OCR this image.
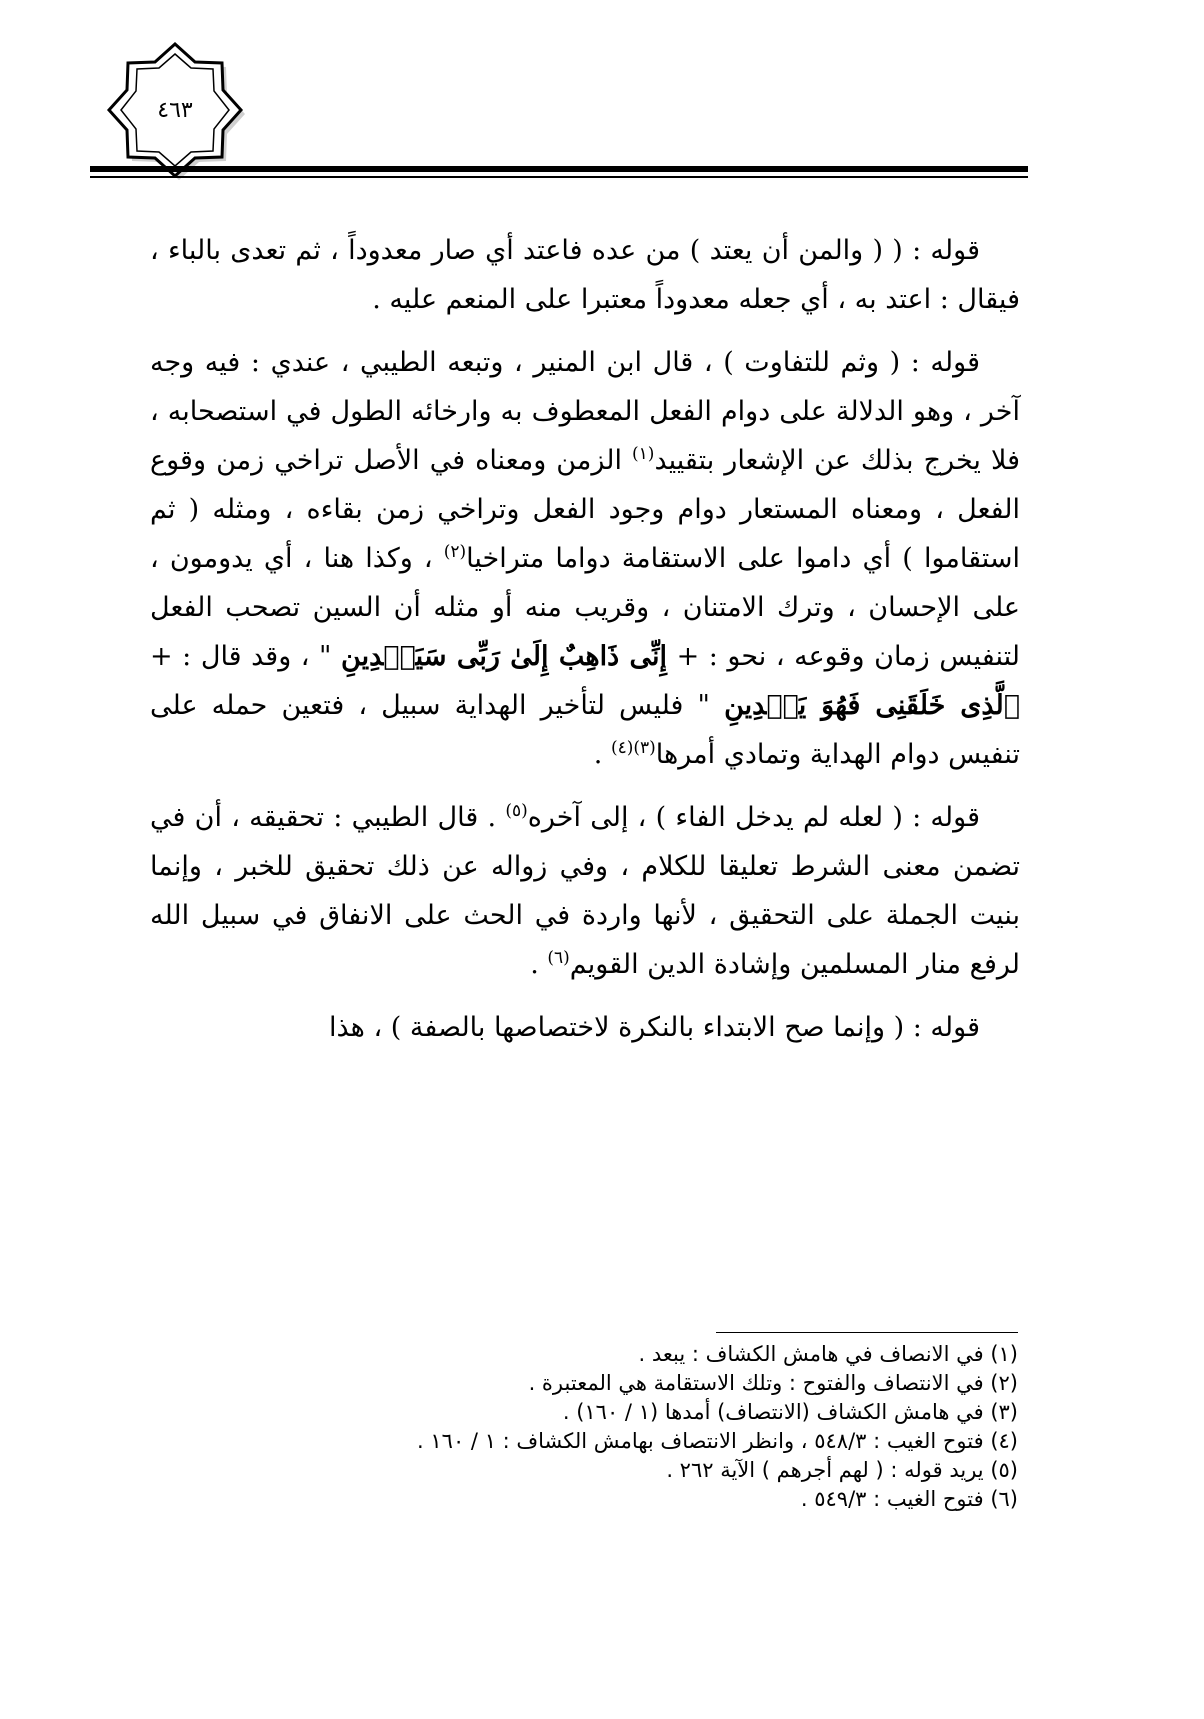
٤٦٣

قوله : ( ( والمن أن يعتد ) من عده فاعتد أي صار معدوداً ، ثم تعدى بالباء ، فيقال : اعتد به ، أي جعله معدوداً معتبرا على المنعم عليه .

قوله : ( وثم للتفاوت ) ، قال ابن المنير ، وتبعه الطيبي ، عندي : فيه وجه آخر ، وهو الدلالة على دوام الفعل المعطوف به وارخائه الطول في استصحابه ، فلا يخرج بذلك عن الإشعار بتقييد$^{(١)}$ الزمن ومعناه في الأصل تراخي زمن وقوع الفعل ، ومعناه المستعار دوام وجود الفعل وتراخي زمن بقاءه ، ومثله ( ثم استقاموا ) أي داموا على الاستقامة دواما متراخيا$^{(٢)}$ ، وكذا هنا ، أي يدومون ، على الإحسان ، وترك الامتنان ، وقريب منه أو مثله أن السين تصحب الفعل لتنفيس زمان وقوعه ، نحو : + إِنِّى ذَاهِبٌ إِلَىٰ رَبِّى سَيَهۡدِينِ " ، وقد قال : + ٱلَّذِى خَلَقَنِى فَهُوَ يَهۡدِينِ " فليس لتأخير الهداية سبيل ، فتعين حمله على تنفيس دوام الهداية وتمادي أمرها$^{(٣)(٤)}$ .

قوله : ( لعله لم يدخل الفاء ) ، إلى آخره$^{(٥)}$ . قال الطيبي : تحقيقه ، أن في تضمن معنى الشرط تعليقا للكلام ، وفي زواله عن ذلك تحقيق للخبر ، وإنما بنيت الجملة على التحقيق ، لأنها واردة في الحث على الانفاق في سبيل الله لرفع منار المسلمين وإشادة الدين القويم$^{(٦)}$ .

قوله : ( وإنما صح الابتداء بالنكرة لاختصاصها بالصفة ) ، هذا

(١) في الانصاف في هامش الكشاف : يبعد .

(٢) في الانتصاف والفتوح : وتلك الاستقامة هي المعتبرة .

(٣) في هامش الكشاف (الانتصاف) أمدها (١ / ١٦٠) .

(٤) فتوح الغيب : ٥٤٨/٣ ، وانظر الانتصاف بهامش الكشاف : ١ / ١٦٠ .

(٥) يريد قوله : ( لهم أجرهم ) الآية ٢٦٢ .

(٦) فتوح الغيب : ٥٤٩/٣ .
